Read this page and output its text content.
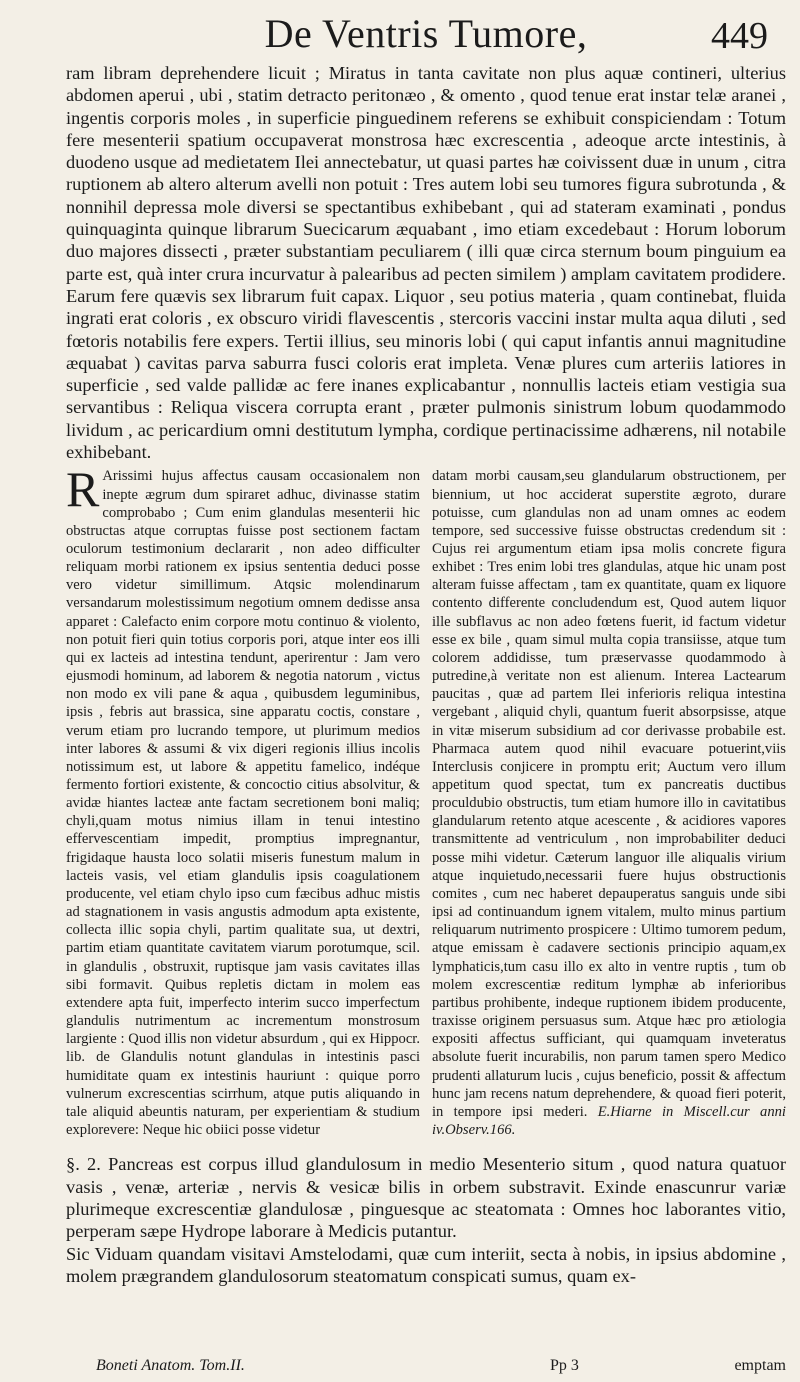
De Ventris Tumore,	449

ram libram deprehendere licuit ; Miratus in tanta cavitate non plus aquæ contineri, ulterius abdomen aperui , ubi , statim detracto peritonæo , & omento , quod tenue erat instar telæ aranei , ingentis corporis moles , in superficie pinguedinem referens se exhibuit conspiciendam : Totum fere mesenterii spatium occupaverat monstrosa hæc excrescentia , adeoque arcte intestinis, à duodeno usque ad medietatem Ilei annectebatur, ut quasi partes hæ coivissent duæ in unum , citra ruptionem ab altero alterum avelli non potuit : Tres autem lobi seu tumores figura subrotunda , & nonnihil depressa mole diversi se spectantibus exhibebant , qui ad stateram examinati , pondus quinquaginta quinque librarum Suecicarum æquabant , imo etiam excedebaut : Horum loborum duo majores dissecti , præter substantiam peculiarem ( illi quæ circa sternum boum pinguium ea parte est, quà inter crura incurvatur à palearibus ad pecten similem ) amplam cavitatem prodidere. Earum fere quævis sex librarum fuit capax. Liquor , seu potius materia , quam continebat, fluida ingrati erat coloris , ex obscuro viridi flavescentis , stercoris vaccini instar multa aqua diluti , sed fœtoris notabilis fere expers. Tertii illius, seu minoris lobi ( qui caput infantis annui magnitudine æquabat ) cavitas parva saburra fusci coloris erat impleta. Venæ plures cum arteriis latiores in superficie , sed valde pallidæ ac fere inanes explicabantur , nonnullis lacteis etiam vestigia sua servantibus : Reliqua viscera corrupta erant , præter pulmonis sinistrum lobum quodammodo lividum , ac pericardium omni destitutum lympha, cordique pertinacissime adhærens, nil notabile exhibebant.

R Arissimi hujus affectus causam occasionalem non inepte ægrum dum spiraret adhuc, divinasse statim comprobabo ; Cum enim glandulas mesenterii hic obstructas atque corruptas fuisse post sectionem factam oculorum testimonium declararit , non adeo difficulter reliquam morbi rationem ex ipsius sententia deduci posse vero videtur simillimum. Atqsic molendinarum versandarum molestissimum negotium omnem dedisse ansa apparet : Calefacto enim corpore motu continuo & violento, non potuit fieri quin totius corporis pori, atque inter eos illi qui ex lacteis ad intestina tendunt, aperirentur : Jam vero ejusmodi hominum, ad laborem & negotia natorum , victus non modo ex vili pane & aqua , quibusdem leguminibus, ipsis , febris aut brassica, sine apparatu coctis, constare , verum etiam pro lucrando tempore, ut plurimum medios inter labores & assumi & vix digeri regionis illius incolis notissimum est, ut labore & appetitu famelico, indéque fermento fortiori existente, & concoctio citius absolvitur, & avidæ hiantes lacteæ ante factam secretionem boni maliq; chyli,quam motus nimius illam in tenui intestino effervescentiam impedit, promptius impregnantur, frigidaque hausta loco solatii miseris funestum malum in lacteis vasis, vel etiam glandulis ipsis coagulationem producente, vel etiam chylo ipso cum fæcibus adhuc mistis ad stagnationem in vasis angustis admodum apta existente, collecta illic sopia chyli, partim qualitate sua, ut dextri, partim etiam quantitate cavitatem viarum porotumque, scil. in glandulis , obstruxit, ruptisque jam vasis cavitates illas sibi formavit. Quibus repletis dictam in molem eas extendere apta fuit, imperfecto interim succo imperfectum glandulis nutrimentum ac incrementum monstrosum largiente : Quod illis non videtur absurdum , qui ex Hippocr. lib. de Glandulis notunt glandulas in intestinis pasci humiditate quam ex intestinis hauriunt : quique porro vulnerum excrescentias scirrhum, atque putis aliquando in tale aliquid abeuntis naturam, per experientiam & studium explorevere: Neque hic obiici posse videtur

datam morbi causam,seu glandularum obstructionem, per biennium, ut hoc acciderat superstite ægroto, durare potuisse, cum glandulas non ad unam omnes ac eodem tempore, sed successive fuisse obstructas credendum sit : Cujus rei argumentum etiam ipsa molis concrete figura exhibet : Tres enim lobi tres glandulas, atque hic unam post alteram fuisse affectam , tam ex quantitate, quam ex liquore contento differente concludendum est, Quod autem liquor ille subflavus ac non adeo fœtens fuerit, id factum videtur esse ex bile , quam simul multa copia transiisse, atque tum colorem addidisse, tum præservasse quodammodo à putredine,à veritate non est alienum. Interea Lactearum paucitas , quæ ad partem Ilei inferioris reliqua intestina vergebant , aliquid chyli, quantum fuerit absorpsisse, atque in vitæ miserum subsidium ad cor derivasse probabile est. Pharmaca autem quod nihil evacuare potuerint,viis Interclusis conjicere in promptu erit; Auctum vero illum appetitum quod spectat, tum ex pancreatis ductibus proculdubio obstructis, tum etiam humore illo in cavitatibus glandularum retento atque acescente , & acidiores vapores transmittente ad ventriculum , non improbabiliter deduci posse mihi videtur. Cæterum languor ille aliqualis virium atque inquietudo,necessarii fuere hujus obstructionis comites , cum nec haberet depauperatus sanguis unde sibi ipsi ad continuandum ignem vitalem, multo minus partium reliquarum nutrimento prospicere : Ultimo tumorem pedum, atque emissam è cadavere sectionis principio aquam,ex lymphaticis,tum casu illo ex alto in ventre ruptis , tum ob molem excrescentiæ reditum lymphæ ab inferioribus partibus prohibente, indeque ruptionem ibidem producente, traxisse originem persuasus sum. Atque hæc pro ætiologia expositi affectus sufficiant, qui quamquam inveteratus absolute fuerit incurabilis, non parum tamen spero Medico prudenti allaturum lucis , cujus beneficio, possit & affectum hunc jam recens natum deprehendere, & quoad fieri poterit, in tempore ipsi mederi. E.Hiarne in Miscell.cur anni iv.Observ.166.

§. 2. Pancreas est corpus illud glandulosum in medio Mesenterio situm , quod natura quatuor vasis , venæ, arteriæ , nervis & vesicæ bilis in orbem substravit. Exinde enascunrur variæ plurimeque excrescentiæ glandulosæ , pinguesque ac steatomata : Omnes hoc laborantes vitio, perperam sæpe Hydrope laborare à Medicis putantur.

Sic Viduam quandam visitavi Amstelodami, quæ cum interiit, secta à nobis, in ipsius abdomine , molem prægrandem glandulosorum steatomatum conspicati sumus, quam ex-

Boneti Anatom. Tom.II.	Pp 3	emptam
